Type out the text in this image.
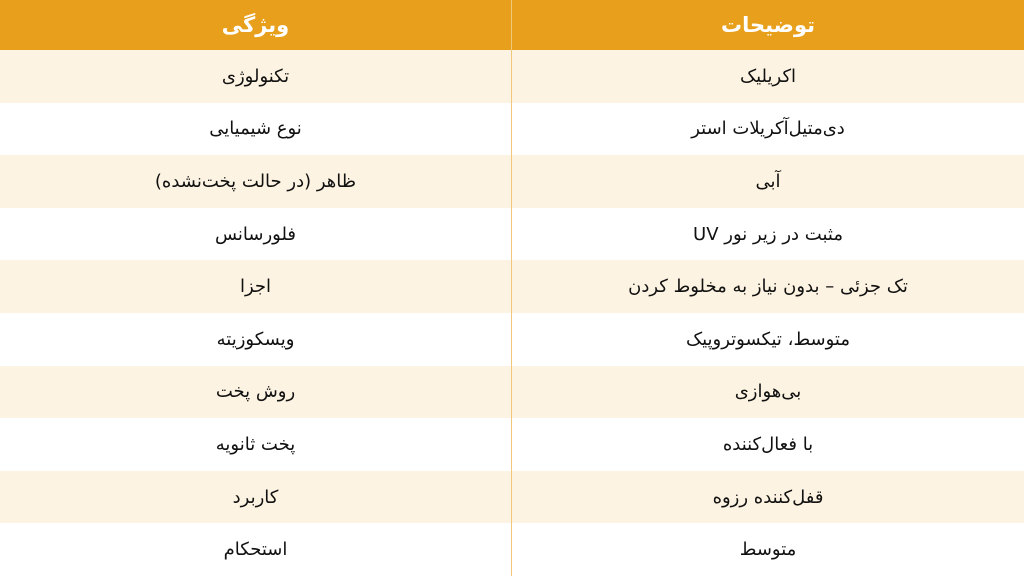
ویژگی	توضیحات
تکنولوژی	اکریلیک
نوع شیمیایی	دی‌متیل‌آکریلات استر
ظاهر (در حالت پخت‌نشده)	آبی
فلورسانس	مثبت در زیر نور UV
اجزا	تک جزئی – بدون نیاز به مخلوط کردن
ویسکوزیته	متوسط، تیکسوتروپیک
روش پخت	بی‌هوازی
پخت ثانویه	با فعال‌کننده
کاربرد	قفل‌کننده رزوه
استحکام	متوسط
